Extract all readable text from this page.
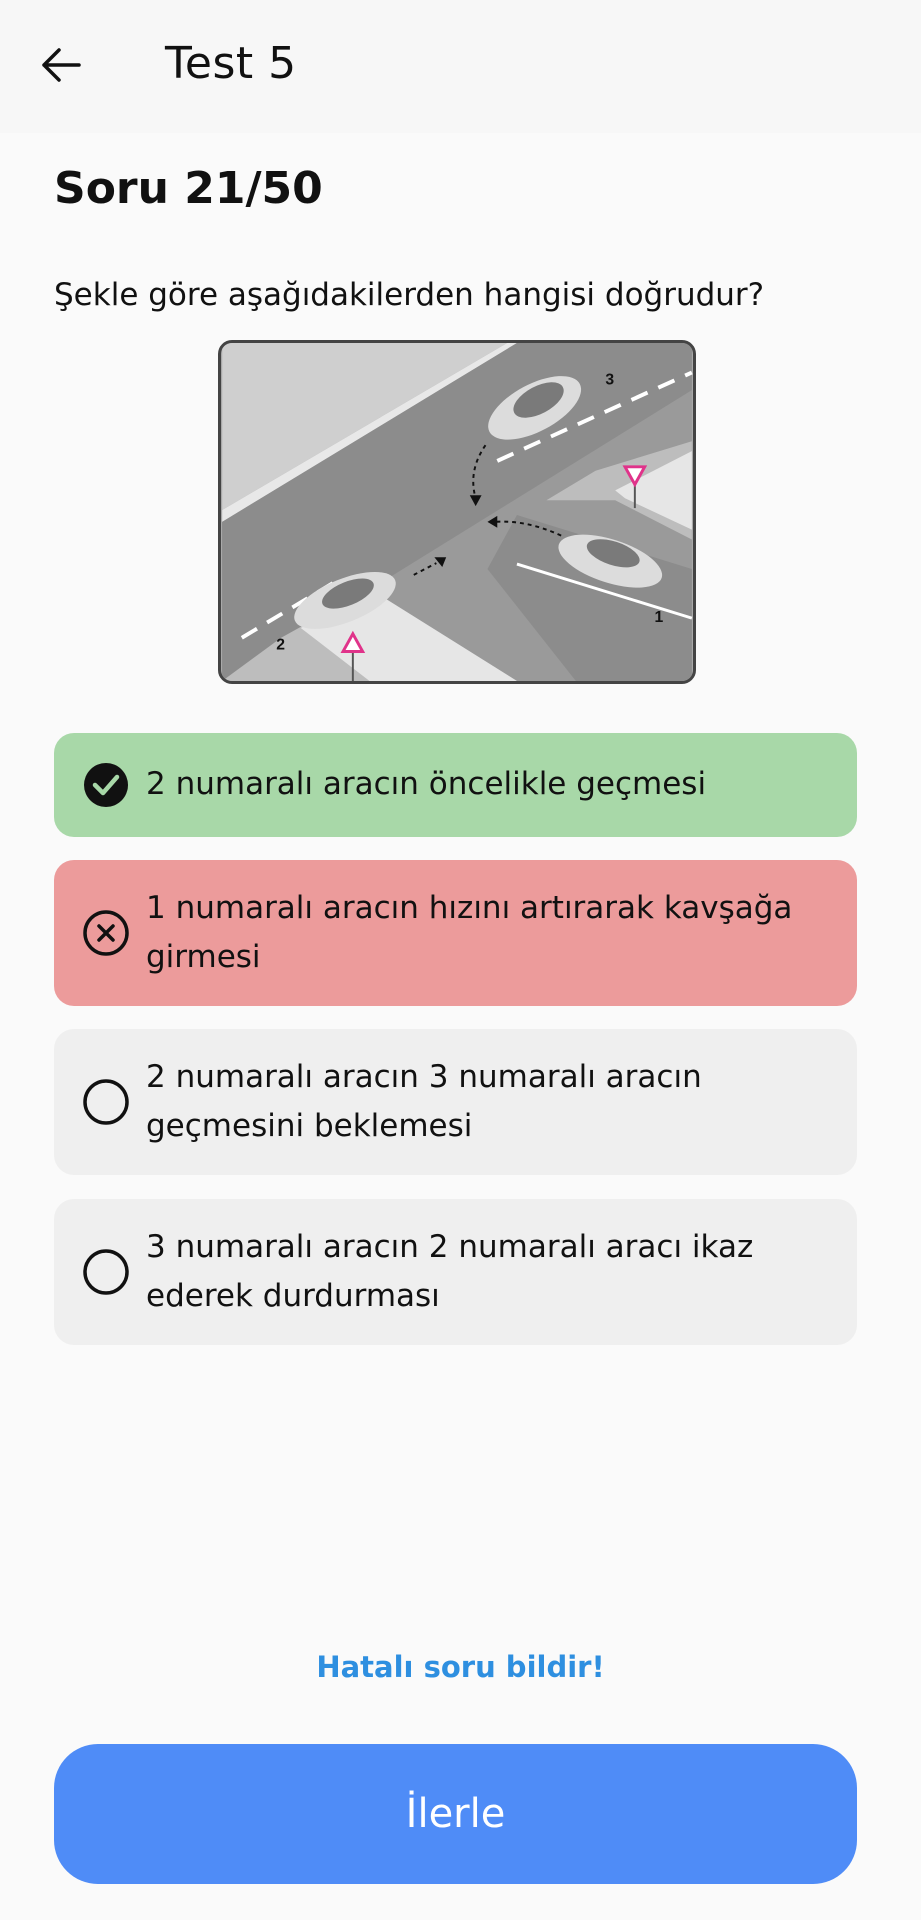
Test 5
Soru 21/50
Şekle göre aşağıdakilerden hangisi doğrudur?
3
1
2
2 numaralı aracın öncelikle geçmesi
1 numaralı aracın hızını artırarak kavşağa girmesi
2 numaralı aracın 3 numaralı aracın geçmesini beklemesi
3 numaralı aracın 2 numaralı aracı ikaz ederek durdurması
Hatalı soru bildir!
İlerle
